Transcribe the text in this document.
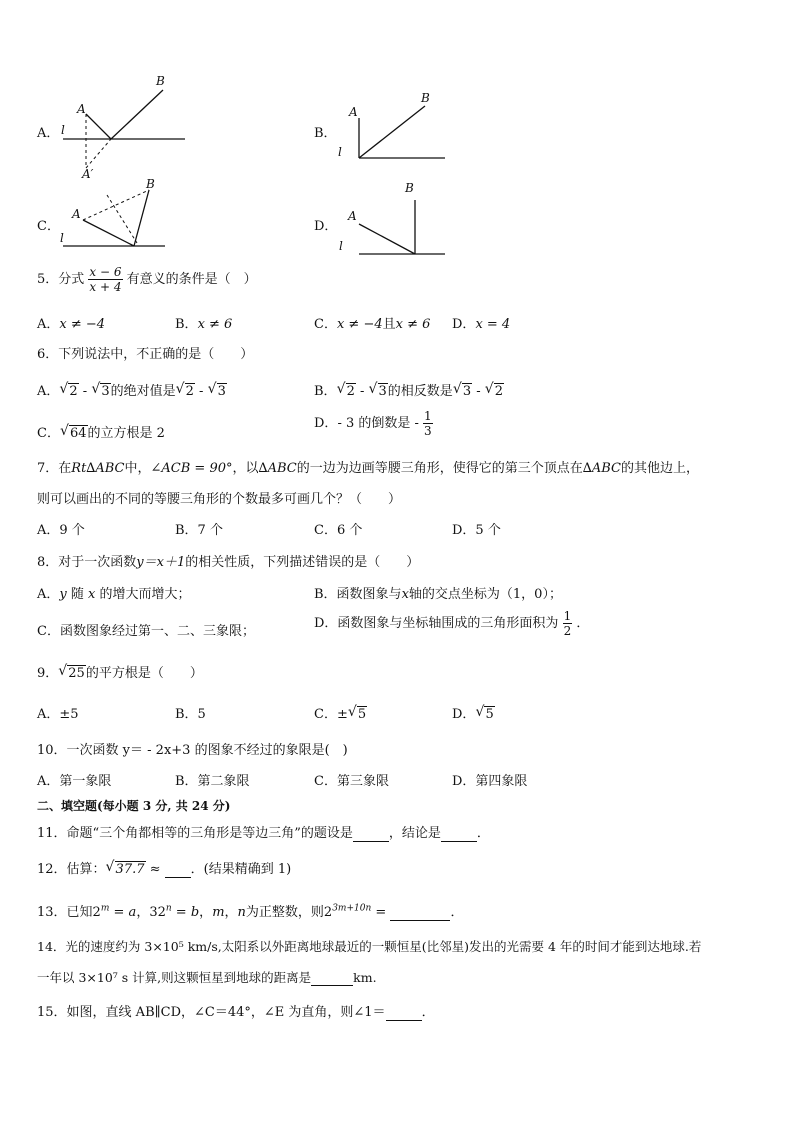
A．
B
A
l
A′
B．
B
A
l
C．
B
A
l
D．
B
A
l
5．分式 $\frac{x - 6}{x + 4}$ 有意义的条件是（　）
A．x ≠ −4	B．x ≠ 6	C．x ≠ −4且x ≠ 6 D．x = 4
6．下列说法中，不正确的是（　　）
A． √ 2 - √ 3的绝对值是 √ 2 - √ 3	B． √ 2 - √ 3的相反数是 √ 3 - √ 2
C． √ 64的立方根是 2
D．- 3 的倒数是 - $\frac{1}{3}$
7．在Rt∆ABC中，∠ACB = 90°，以∆ABC的一边为边画等腰三角形，使得它的第三个顶点在∆ABC的其他边上，
则可以画出的不同的等腰三角形的个数最多可画几个？（　　）
A．9 个	B．7 个	C．6 个	D．5 个
8．对于一次函数y＝x＋1的相关性质，下列描述错误的是（　　）
A．y 随 x 的增大而增大；	B．函数图象与x轴的交点坐标为（1，0）；
C．函数图象经过第一、二、三象限；
D．函数图象与坐标轴围成的三角形面积为 $\frac{1}{2}$ ．
9． √ 25的平方根是（　　）
A．±5	B．5	C．± √ 5	D． √ 5
10．一次函数 y＝ - 2x+3 的图象不经过的象限是(　)
A．第一象限	B．第二象限	C．第三象限	D．第四象限
二、填空题(每小题 3 分, 共 24 分)
11．命题“三个角都相等的三角形是等边三角”的题设是	，结论是	．
12．估算： √ 37.7 ≈  ．(结果精确到 1)
13．已知$2^m = a$，$32^n = b$，m，n为正整数，则$2^{3m+10n}$ =	．
14．光的速度约为 3×10⁵ km/s,太阳系以外距离地球最近的一颗恒星(比邻星)发出的光需要 4 年的时间才能到达地球.若
一年以 3×10⁷ s 计算,则这颗恒星到地球的距离是	km.
15．如图，直线 AB∥CD，∠C＝44°，∠E 为直角，则∠1＝	．
